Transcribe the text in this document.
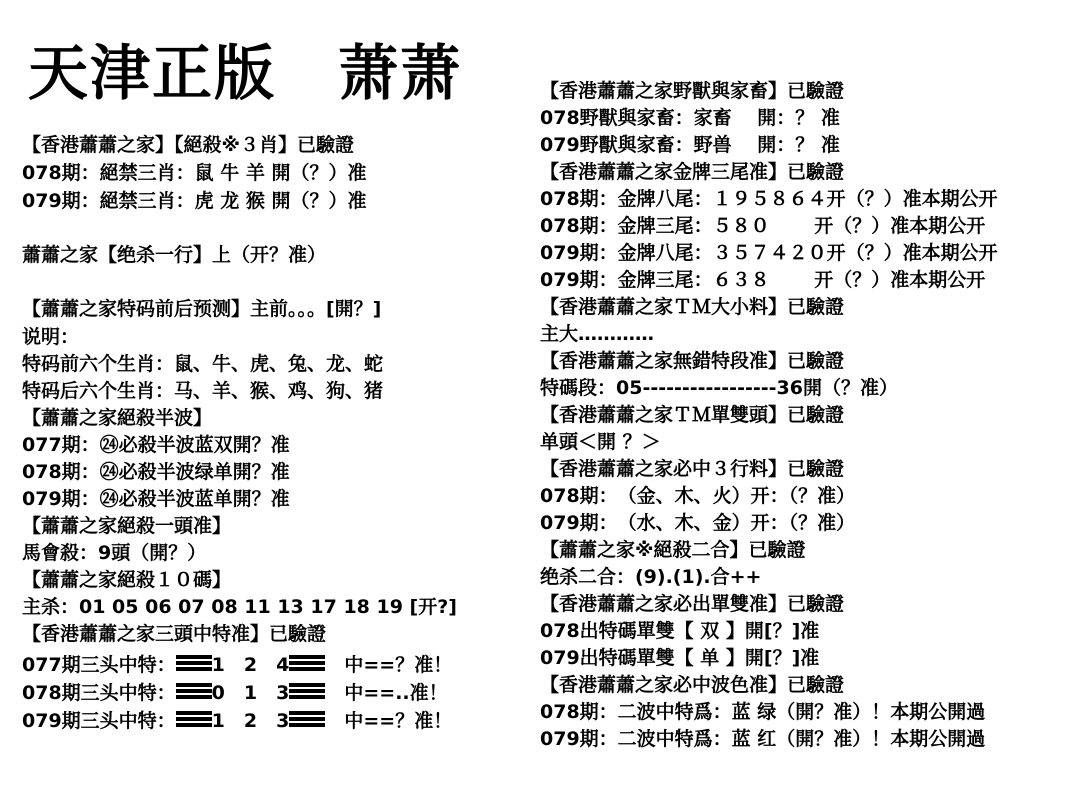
天津正版　萧萧
【香港蕭蕭之家】【絕殺※３肖】已驗證
078期：絕禁三肖：鼠 牛 羊 開（？）准
079期：絕禁三肖：虎 龙 猴 開（？）准
蕭蕭之家【绝杀一行】上（开？准）
【蕭蕭之家特码前后预测】主前。。。[開？]
说明：
特码前六个生肖：鼠、牛、虎、兔、龙、蛇
特码后六个生肖：马、羊、猴、鸡、狗、猪
【蕭蕭之家絕殺半波】
077期：㉔必殺半波蓝双開？准
078期：㉔必殺半波绿单開？准
079期：㉔必殺半波蓝单開？准
【蕭蕭之家絕殺一頭准】
馬會殺：9頭（開？）
【蕭蕭之家絕殺１０碼】
主杀：01 05 06 07 08 11 13 17 18 19 [开?]
【香港蕭蕭之家三頭中特准】已驗證
077期三头中特： 1　2　4
　	中==？准！
078期三头中特： 0　1　3
　	中==..准！
079期三头中特： 1　2　3
　	中==？准！
【香港蕭蕭之家野獸與家畜】已驗證
078野獸與家畜：家畜　 開：？ 准
079野獸與家畜：野兽　 開：？ 准
【香港蕭蕭之家金牌三尾准】已驗證
078期：金牌八尾：１９５８６４开（？）准本期公开
078期：金牌三尾：５８０　　 开（？）准本期公开
079期：金牌八尾：３５７４２０开（？）准本期公开
079期：金牌三尾：６３８　　 开（？）准本期公开
【香港蕭蕭之家ＴＭ大小料】已驗證
主大…………
【香港蕭蕭之家無錯特段准】已驗證
特碼段：05-----------------36開（？准）
【香港蕭蕭之家ＴＭ單雙頭】已驗證
单頭＜開 ？＞
【香港蕭蕭之家必中３行料】已驗證
078期：　（金、木、火）开：（？准）
079期：　（水、木、金）开：（？准）
【蕭蕭之家※絕殺二合】已驗證
绝杀二合：(9).(1).合++
【香港蕭蕭之家必出單雙准】已驗證
078出特碼單雙【 双 】開[？]准
079出特碼單雙【 单 】開[？]准
【香港蕭蕭之家必中波色准】已驗證
078期：二波中特爲：蓝 绿（開？准）！本期公開過
079期：二波中特爲：蓝 红（開？准）！本期公開過
